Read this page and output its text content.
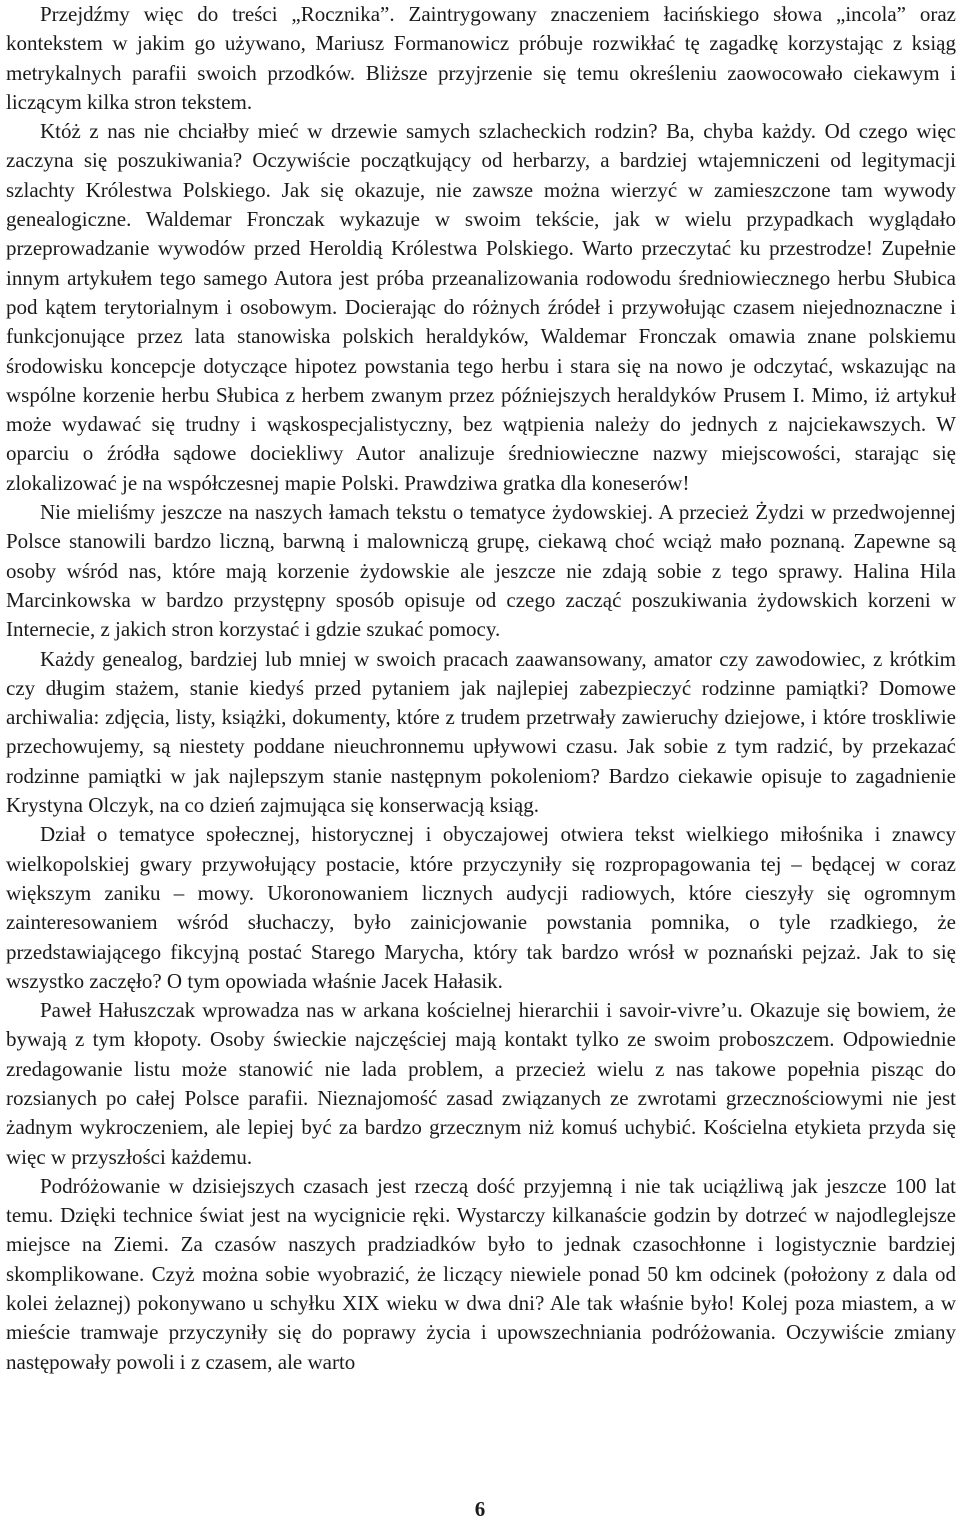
Przejdźmy więc do treści „Rocznika”. Zaintrygowany znaczeniem łacińskiego słowa „incola” oraz kontekstem w jakim go używano, Mariusz Formanowicz próbuje rozwikłać tę zagadkę korzystając z ksiąg metrykalnych parafii swoich przodków. Bliższe przyjrzenie się temu określeniu zaowocowało ciekawym i liczącym kilka stron tekstem.

Któż z nas nie chciałby mieć w drzewie samych szlacheckich rodzin? Ba, chyba każdy. Od czego więc zaczyna się poszukiwania? Oczywiście początkujący od herbarzy, a bardziej wtajemniczeni od legitymacji szlachty Królestwa Polskiego. Jak się okazuje, nie zawsze można wierzyć w zamieszczone tam wywody genealogiczne. Waldemar Fronczak wykazuje w swoim tekście, jak w wielu przypadkach wyglądało przeprowadzanie wywodów przed Heroldią Królestwa Polskiego. Warto przeczytać ku przestrodze! Zupełnie innym artykułem tego samego Autora jest próba przeanalizowania rodowodu średniowiecznego herbu Słubica pod kątem terytorialnym i osobowym. Docierając do różnych źródeł i przywołując czasem niejednoznaczne i funkcjonujące przez lata stanowiska polskich heraldyków, Waldemar Fronczak omawia znane polskiemu środowisku koncepcje dotyczące hipotez powstania tego herbu i stara się na nowo je odczytać, wskazując na wspólne korzenie herbu Słubica z herbem zwanym przez późniejszych heraldyków Prusem I. Mimo, iż artykuł może wydawać się trudny i wąskospecjalistyczny, bez wątpienia należy do jednych z najciekawszych. W oparciu o źródła sądowe dociekliwy Autor analizuje średniowieczne nazwy miejscowości, starając się zlokalizować je na współczesnej mapie Polski. Prawdziwa gratka dla koneserów!

Nie mieliśmy jeszcze na naszych łamach tekstu o tematyce żydowskiej. A przecież Żydzi w przedwojennej Polsce stanowili bardzo liczną, barwną i malowniczą grupę, ciekawą choć wciąż mało poznaną. Zapewne są osoby wśród nas, które mają korzenie żydowskie ale jeszcze nie zdają sobie z tego sprawy. Halina Hila Marcinkowska w bardzo przystępny sposób opisuje od czego zacząć poszukiwania żydowskich korzeni w Internecie, z jakich stron korzystać i gdzie szukać pomocy.

Każdy genealog, bardziej lub mniej w swoich pracach zaawansowany, amator czy zawodowiec, z krótkim czy długim stażem, stanie kiedyś przed pytaniem jak najlepiej zabezpieczyć rodzinne pamiątki? Domowe archiwalia: zdjęcia, listy, książki, dokumenty, które z trudem przetrwały zawieruchy dziejowe, i które troskliwie przechowujemy, są niestety poddane nieuchronnemu upływowi czasu. Jak sobie z tym radzić, by przekazać rodzinne pamiątki w jak najlepszym stanie następnym pokoleniom? Bardzo ciekawie opisuje to zagadnienie Krystyna Olczyk, na co dzień zajmująca się konserwacją ksiąg.

Dział o tematyce społecznej, historycznej i obyczajowej otwiera tekst wielkiego miłośnika i znawcy wielkopolskiej gwary przywołujący postacie, które przyczyniły się rozpropagowania tej – będącej w coraz większym zaniku – mowy. Ukoronowaniem licznych audycji radiowych, które cieszyły się ogromnym zainteresowaniem wśród słuchaczy, było zainicjowanie powstania pomnika, o tyle rzadkiego, że przedstawiającego fikcyjną postać Starego Marycha, który tak bardzo wrósł w poznański pejzaż. Jak to się wszystko zaczęło? O tym opowiada właśnie Jacek Hałasik.

Paweł Hałuszczak wprowadza nas w arkana kościelnej hierarchii i savoir-vivre’u. Okazuje się bowiem, że bywają z tym kłopoty. Osoby świeckie najczęściej mają kontakt tylko ze swoim proboszczem. Odpowiednie zredagowanie listu może stanowić nie lada problem, a przecież wielu z nas takowe popełnia pisząc do rozsianych po całej Polsce parafii. Nieznajomość zasad związanych ze zwrotami grzecznościowymi nie jest żadnym wykroczeniem, ale lepiej być za bardzo grzecznym niż komuś uchybić. Kościelna etykieta przyda się więc w przyszłości każdemu.

Podróżowanie w dzisiejszych czasach jest rzeczą dość przyjemną i nie tak uciążliwą jak jeszcze 100 lat temu. Dzięki technice świat jest na wycignicie ręki. Wystarczy kilkanaście godzin by dotrzeć w najodleglejsze miejsce na Ziemi. Za czasów naszych pradziadków było to jednak czasochłonne i logistycznie bardziej skomplikowane. Czyż można sobie wyobrazić, że liczący niewiele ponad 50 km odcinek (położony z dala od kolei żelaznej) pokonywano u schyłku XIX wieku w dwa dni? Ale tak właśnie było! Kolej poza miastem, a w mieście tramwaje przyczyniły się do poprawy życia i upowszechniania podróżowania. Oczywiście zmiany następowały powoli i z czasem, ale warto

6
